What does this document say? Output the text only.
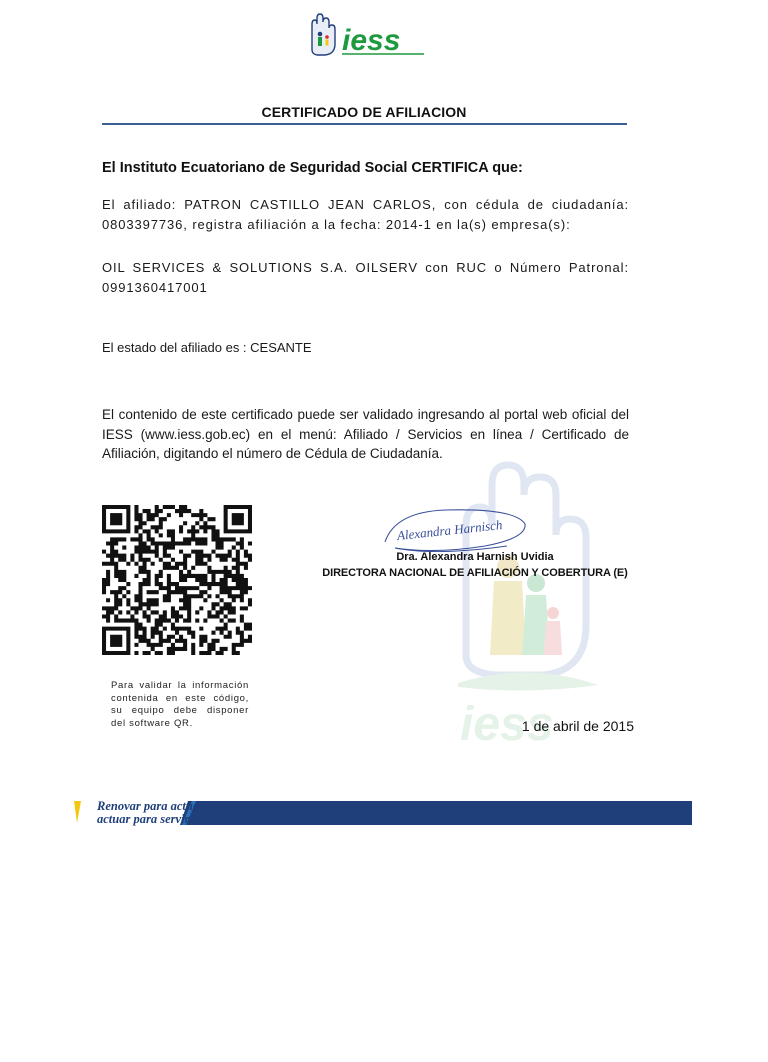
iess
CERTIFICADO DE AFILIACION
El Instituto Ecuatoriano de Seguridad Social CERTIFICA que:
El afiliado: PATRON CASTILLO JEAN CARLOS, con cédula de ciudadanía: 0803397736, registra afiliación a la fecha: 2014-1 en la(s) empresa(s):
OIL SERVICES & SOLUTIONS S.A. OILSERV con RUC o Número Patronal: 0991360417001
El estado del afiliado es : CESANTE
El contenido de este certificado puede ser validado ingresando al portal web oficial del IESS (www.iess.gob.ec) en el menú: Afiliado / Servicios en línea / Certificado de Afiliación, digitando el número de Cédula de Ciudadanía.
iess
Para validar la información contenida en este código, su equipo debe disponer del software QR.
Alexandra Harnisch
Dra. Alexandra Harnish Uvidia
DIRECTORA NACIONAL DE AFILIACIÓN Y COBERTURA (E)
1 de abril de 2015
Renovar para actuar,
actuar para servir
